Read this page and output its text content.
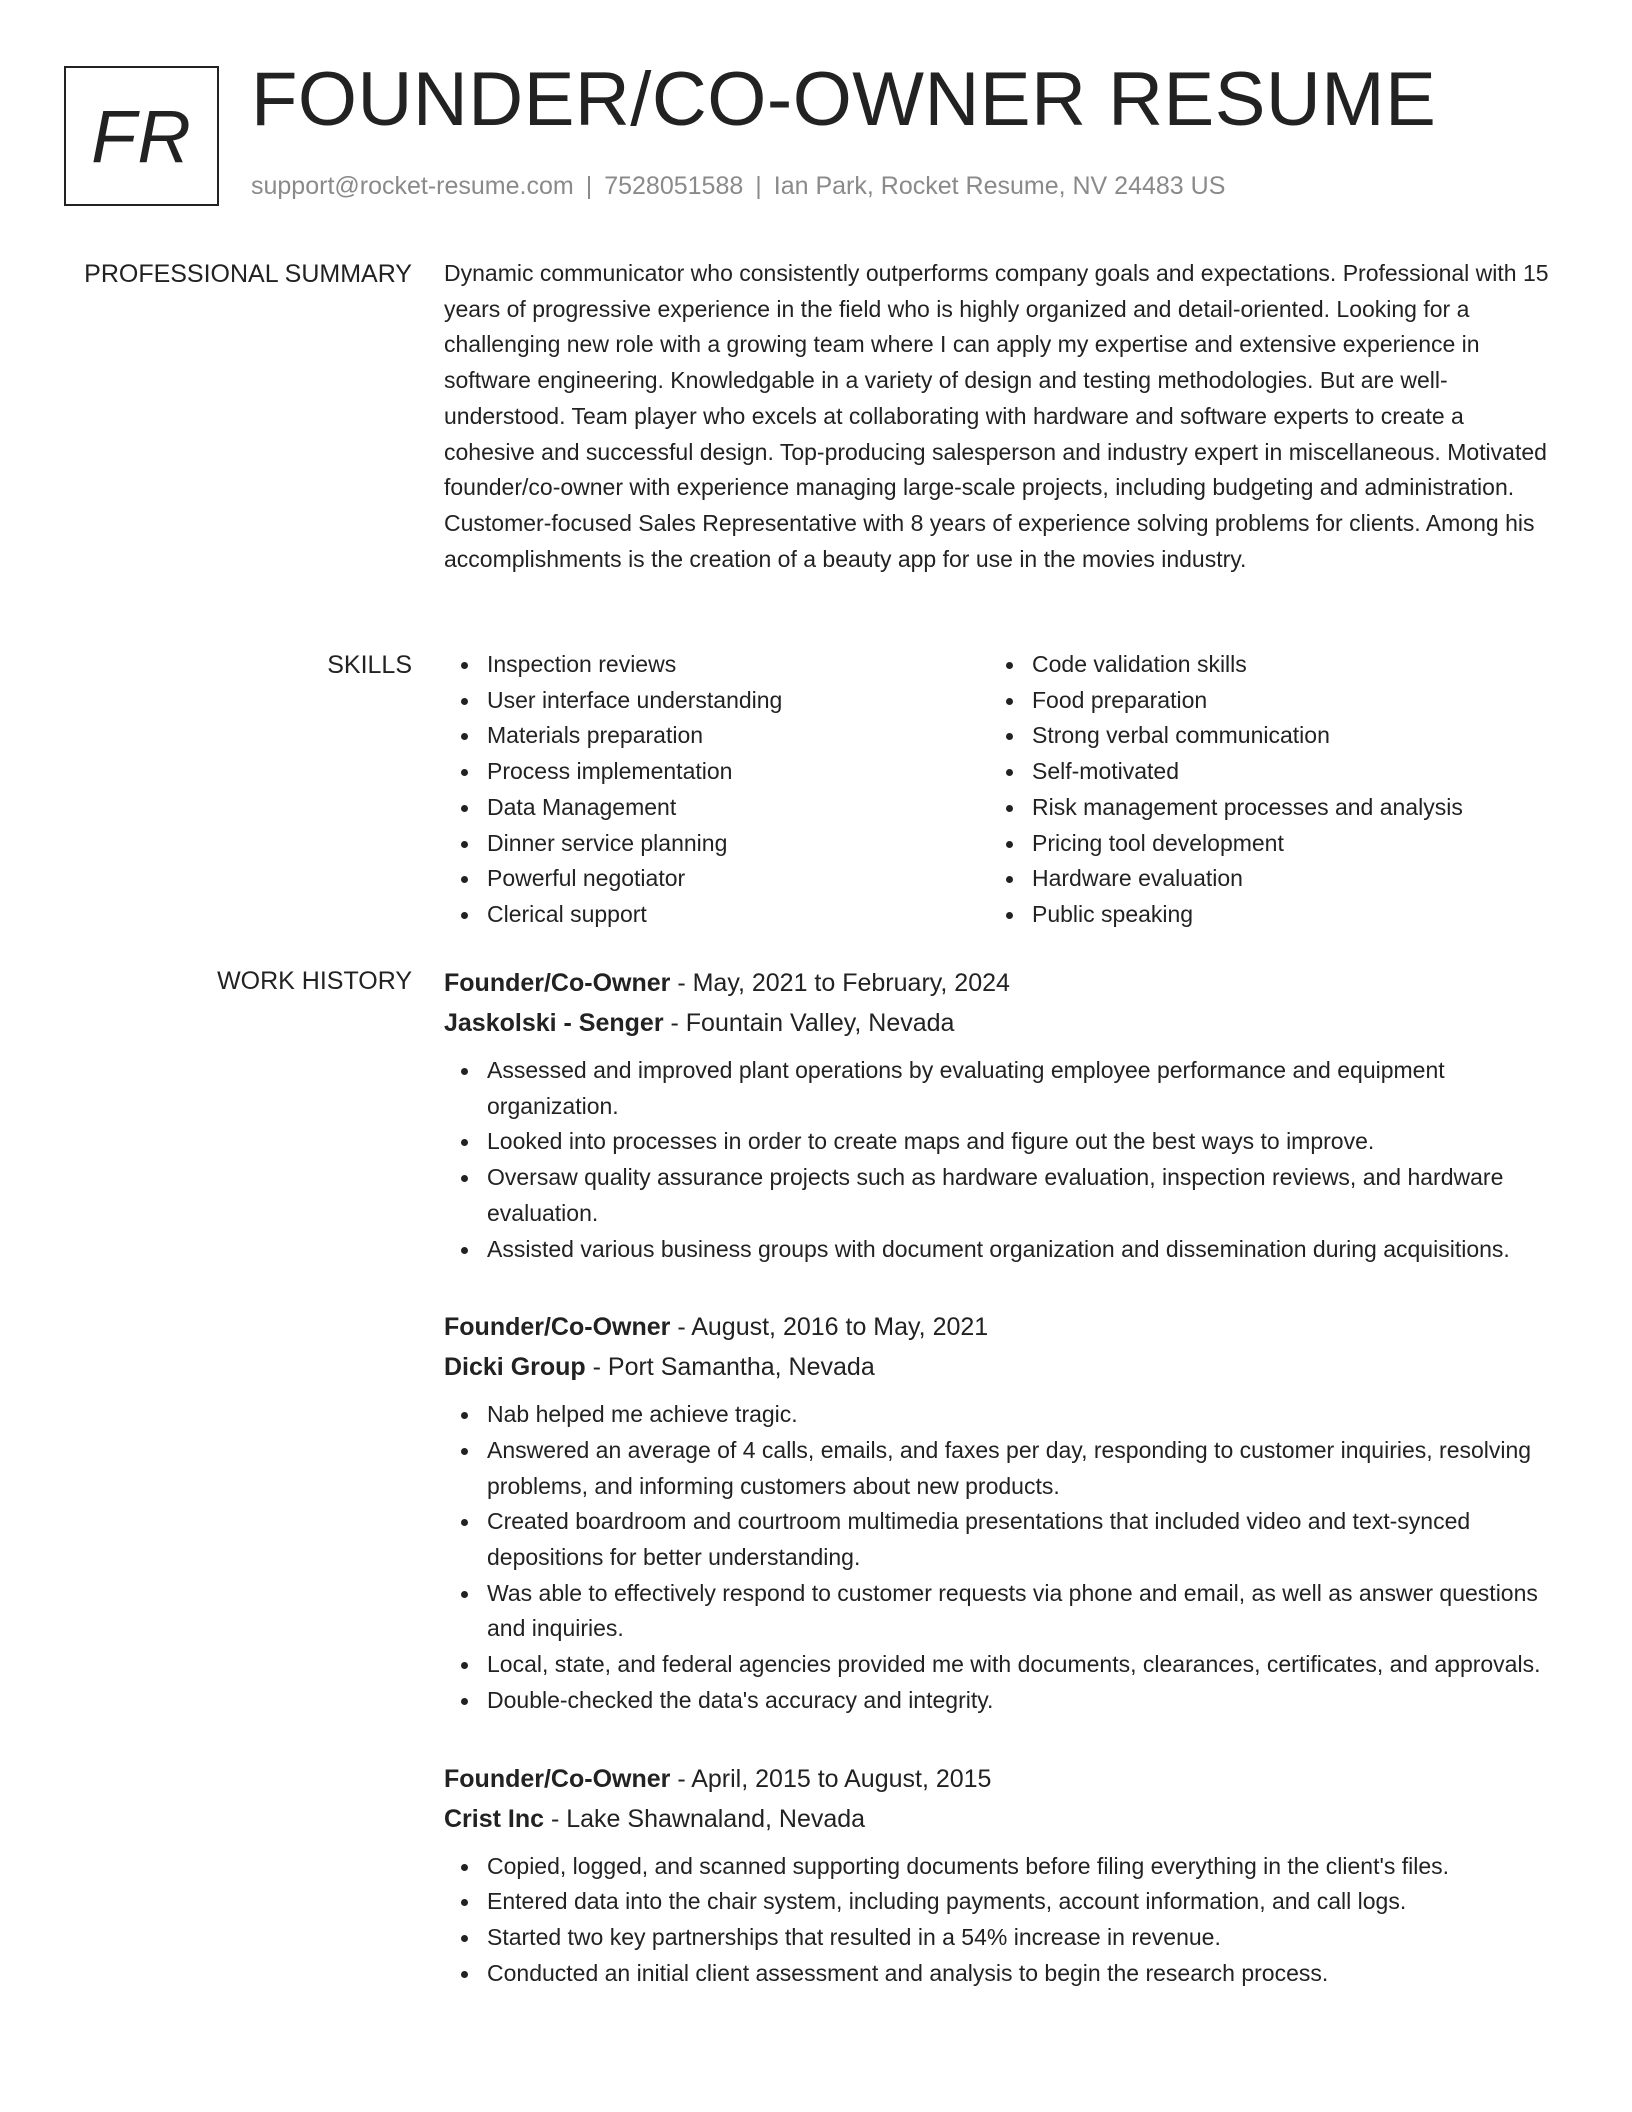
FR FOUNDER/CO-OWNER RESUME
support@rocket-resume.com | 7528051588 | Ian Park, Rocket Resume, NV 24483 US
PROFESSIONAL SUMMARY Dynamic communicator who consistently outperforms company goals and expectations. Professional with 15 years of progressive experience in the field who is highly organized and detail-oriented. Looking for a challenging new role with a growing team where I can apply my expertise and extensive experience in software engineering. Knowledgable in a variety of design and testing methodologies. But are well-understood. Team player who excels at collaborating with hardware and software experts to create a cohesive and successful design. Top-producing salesperson and industry expert in miscellaneous. Motivated founder/co-owner with experience managing large-scale projects, including budgeting and administration. Customer-focused Sales Representative with 8 years of experience solving problems for clients. Among his accomplishments is the creation of a beauty app for use in the movies industry.

SKILLS	Inspection reviews
User interface understanding
Materials preparation
Process implementation
Data Management
Dinner service planning
Powerful negotiator
Clerical support
Code validation skills
Food preparation
Strong verbal communication
Self-motivated
Risk management processes and analysis
Pricing tool development
Hardware evaluation
Public speaking
WORK HISTORY Founder/Co-Owner - May, 2021 to February, 2024
Jaskolski - Senger - Fountain Valley, Nevada
Assessed and improved plant operations by evaluating employee performance and equipment organization.
Looked into processes in order to create maps and figure out the best ways to improve.
Oversaw quality assurance projects such as hardware evaluation, inspection reviews, and hardware evaluation.
Assisted various business groups with document organization and dissemination during acquisitions.
Founder/Co-Owner - August, 2016 to May, 2021
Dicki Group - Port Samantha, Nevada
Nab helped me achieve tragic.
Answered an average of 4 calls, emails, and faxes per day, responding to customer inquiries, resolving problems, and informing customers about new products.
Created boardroom and courtroom multimedia presentations that included video and text-synced depositions for better understanding.
Was able to effectively respond to customer requests via phone and email, as well as answer questions and inquiries.
Local, state, and federal agencies provided me with documents, clearances, certificates, and approvals.
Double-checked the data's accuracy and integrity.
Founder/Co-Owner - April, 2015 to August, 2015
Crist Inc - Lake Shawnaland, Nevada
Copied, logged, and scanned supporting documents before filing everything in the client's files.
Entered data into the chair system, including payments, account information, and call logs.
Started two key partnerships that resulted in a 54% increase in revenue.
Conducted an initial client assessment and analysis to begin the research process.
